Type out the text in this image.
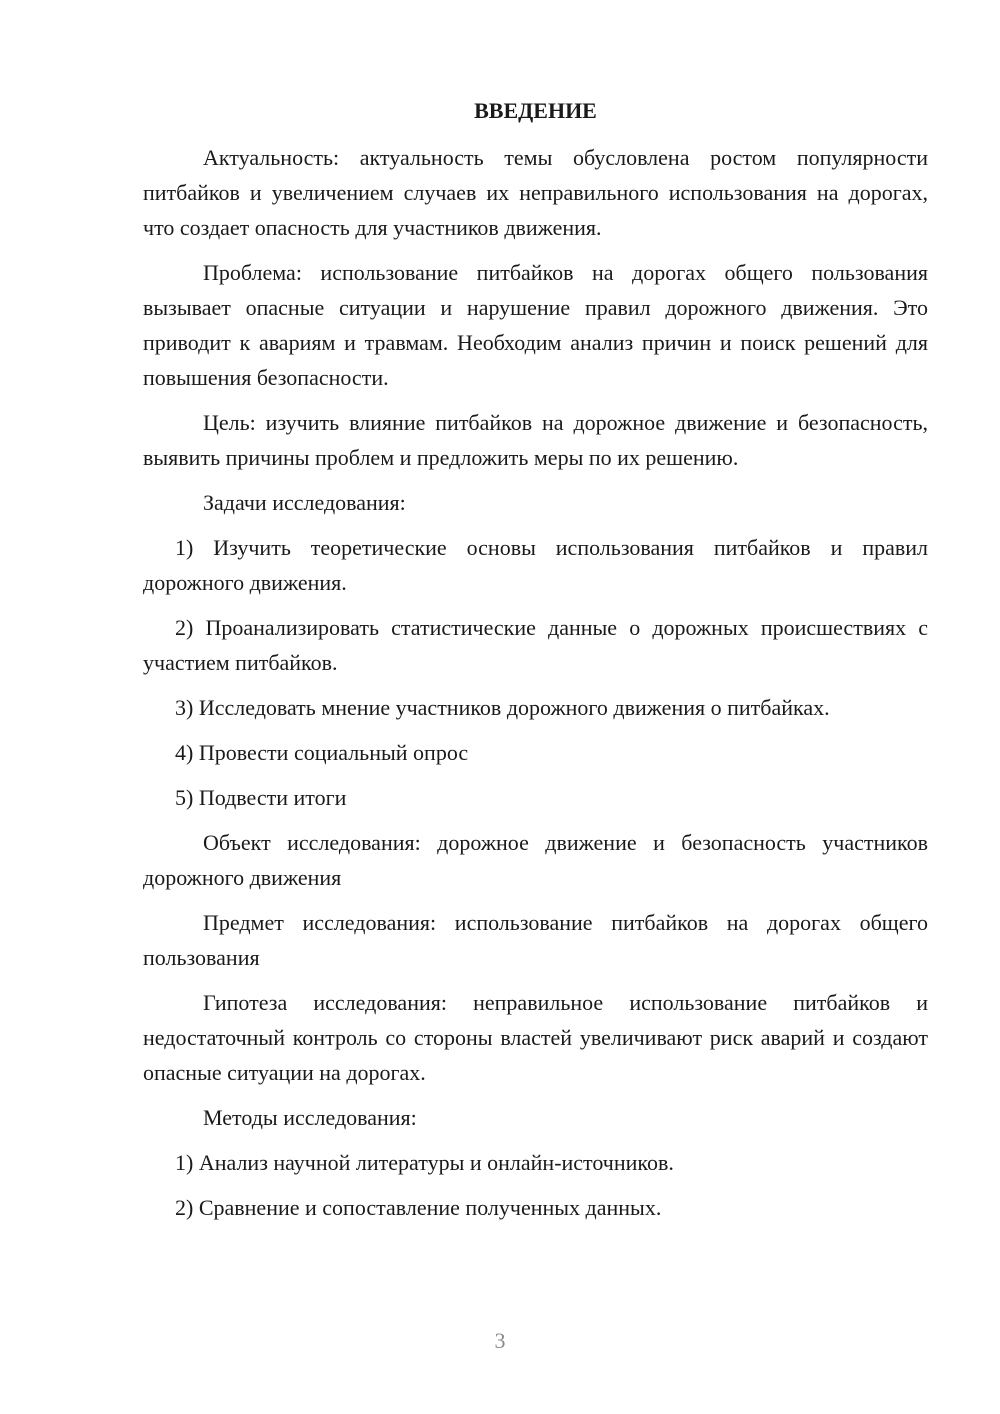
ВВЕДЕНИЕ

Актуальность: актуальность темы обусловлена ростом популярности питбайков и увеличением случаев их неправильного использования на дорогах, что создает опасность для участников движения.

Проблема: использование питбайков на дорогах общего пользования вызывает опасные ситуации и нарушение правил дорожного движения. Это приводит к авариям и травмам. Необходим анализ причин и поиск решений для повышения безопасности.

Цель: изучить влияние питбайков на дорожное движение и безопасность, выявить причины проблем и предложить меры по их решению.

Задачи исследования:

1) Изучить теоретические основы использования питбайков и правил дорожного движения.

2) Проанализировать статистические данные о дорожных происшествиях с участием питбайков.

3) Исследовать мнение участников дорожного движения о питбайках.

4) Провести социальный опрос

5) Подвести итоги

Объект исследования: дорожное движение и безопасность участников дорожного движения

Предмет исследования: использование питбайков на дорогах общего пользования

Гипотеза исследования: неправильное использование питбайков и недостаточный контроль со стороны властей увеличивают риск аварий и создают опасные ситуации на дорогах.

Методы исследования:

1) Анализ научной литературы и онлайн-источников.

2) Сравнение и сопоставление полученных данных.

3
